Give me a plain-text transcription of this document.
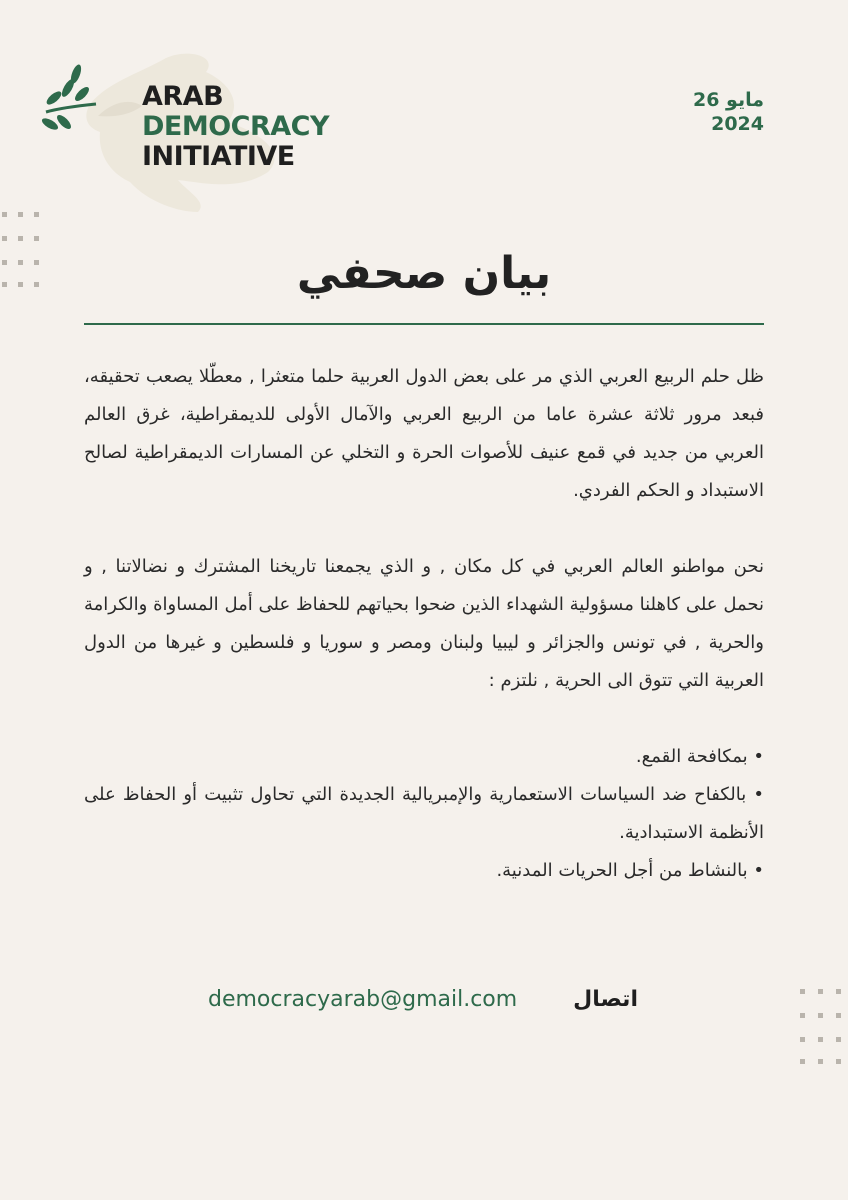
ARAB
DEMOCRACY
INITIATIVE
مايو 26
2024
بيان صحفي

ظل حلم الربيع العربي الذي مر على بعض الدول العربية حلما متعثرا , معطّلا يصعب تحقيقه، فبعد مرور ثلاثة عشرة عاما من الربيع العربي والآمال الأولى للديمقراطية، غرق العالم العربي من جديد في قمع عنيف للأصوات الحرة و التخلي عن المسارات الديمقراطية لصالح الاستبداد و الحكم الفردي.

نحن مواطنو العالم العربي في كل مكان , و الذي يجمعنا تاريخنا المشترك و نضالاتنا , و نحمل على كاهلنا مسؤولية الشهداء الذين ضحوا بحياتهم للحفاظ على أمل المساواة والكرامة والحرية , في تونس والجزائر و ليبيا ولبنان ومصر و سوريا و فلسطين و غيرها من الدول العربية التي تتوق الى الحرية , نلتزم :

• بمكافحة القمع.
• بالكفاح ضد السياسات الاستعمارية والإمبريالية الجديدة التي تحاول تثبيت أو الحفاظ على الأنظمة الاستبدادية.
• بالنشاط من أجل الحريات المدنية.
democracyarab@gmail.com	اتصال
